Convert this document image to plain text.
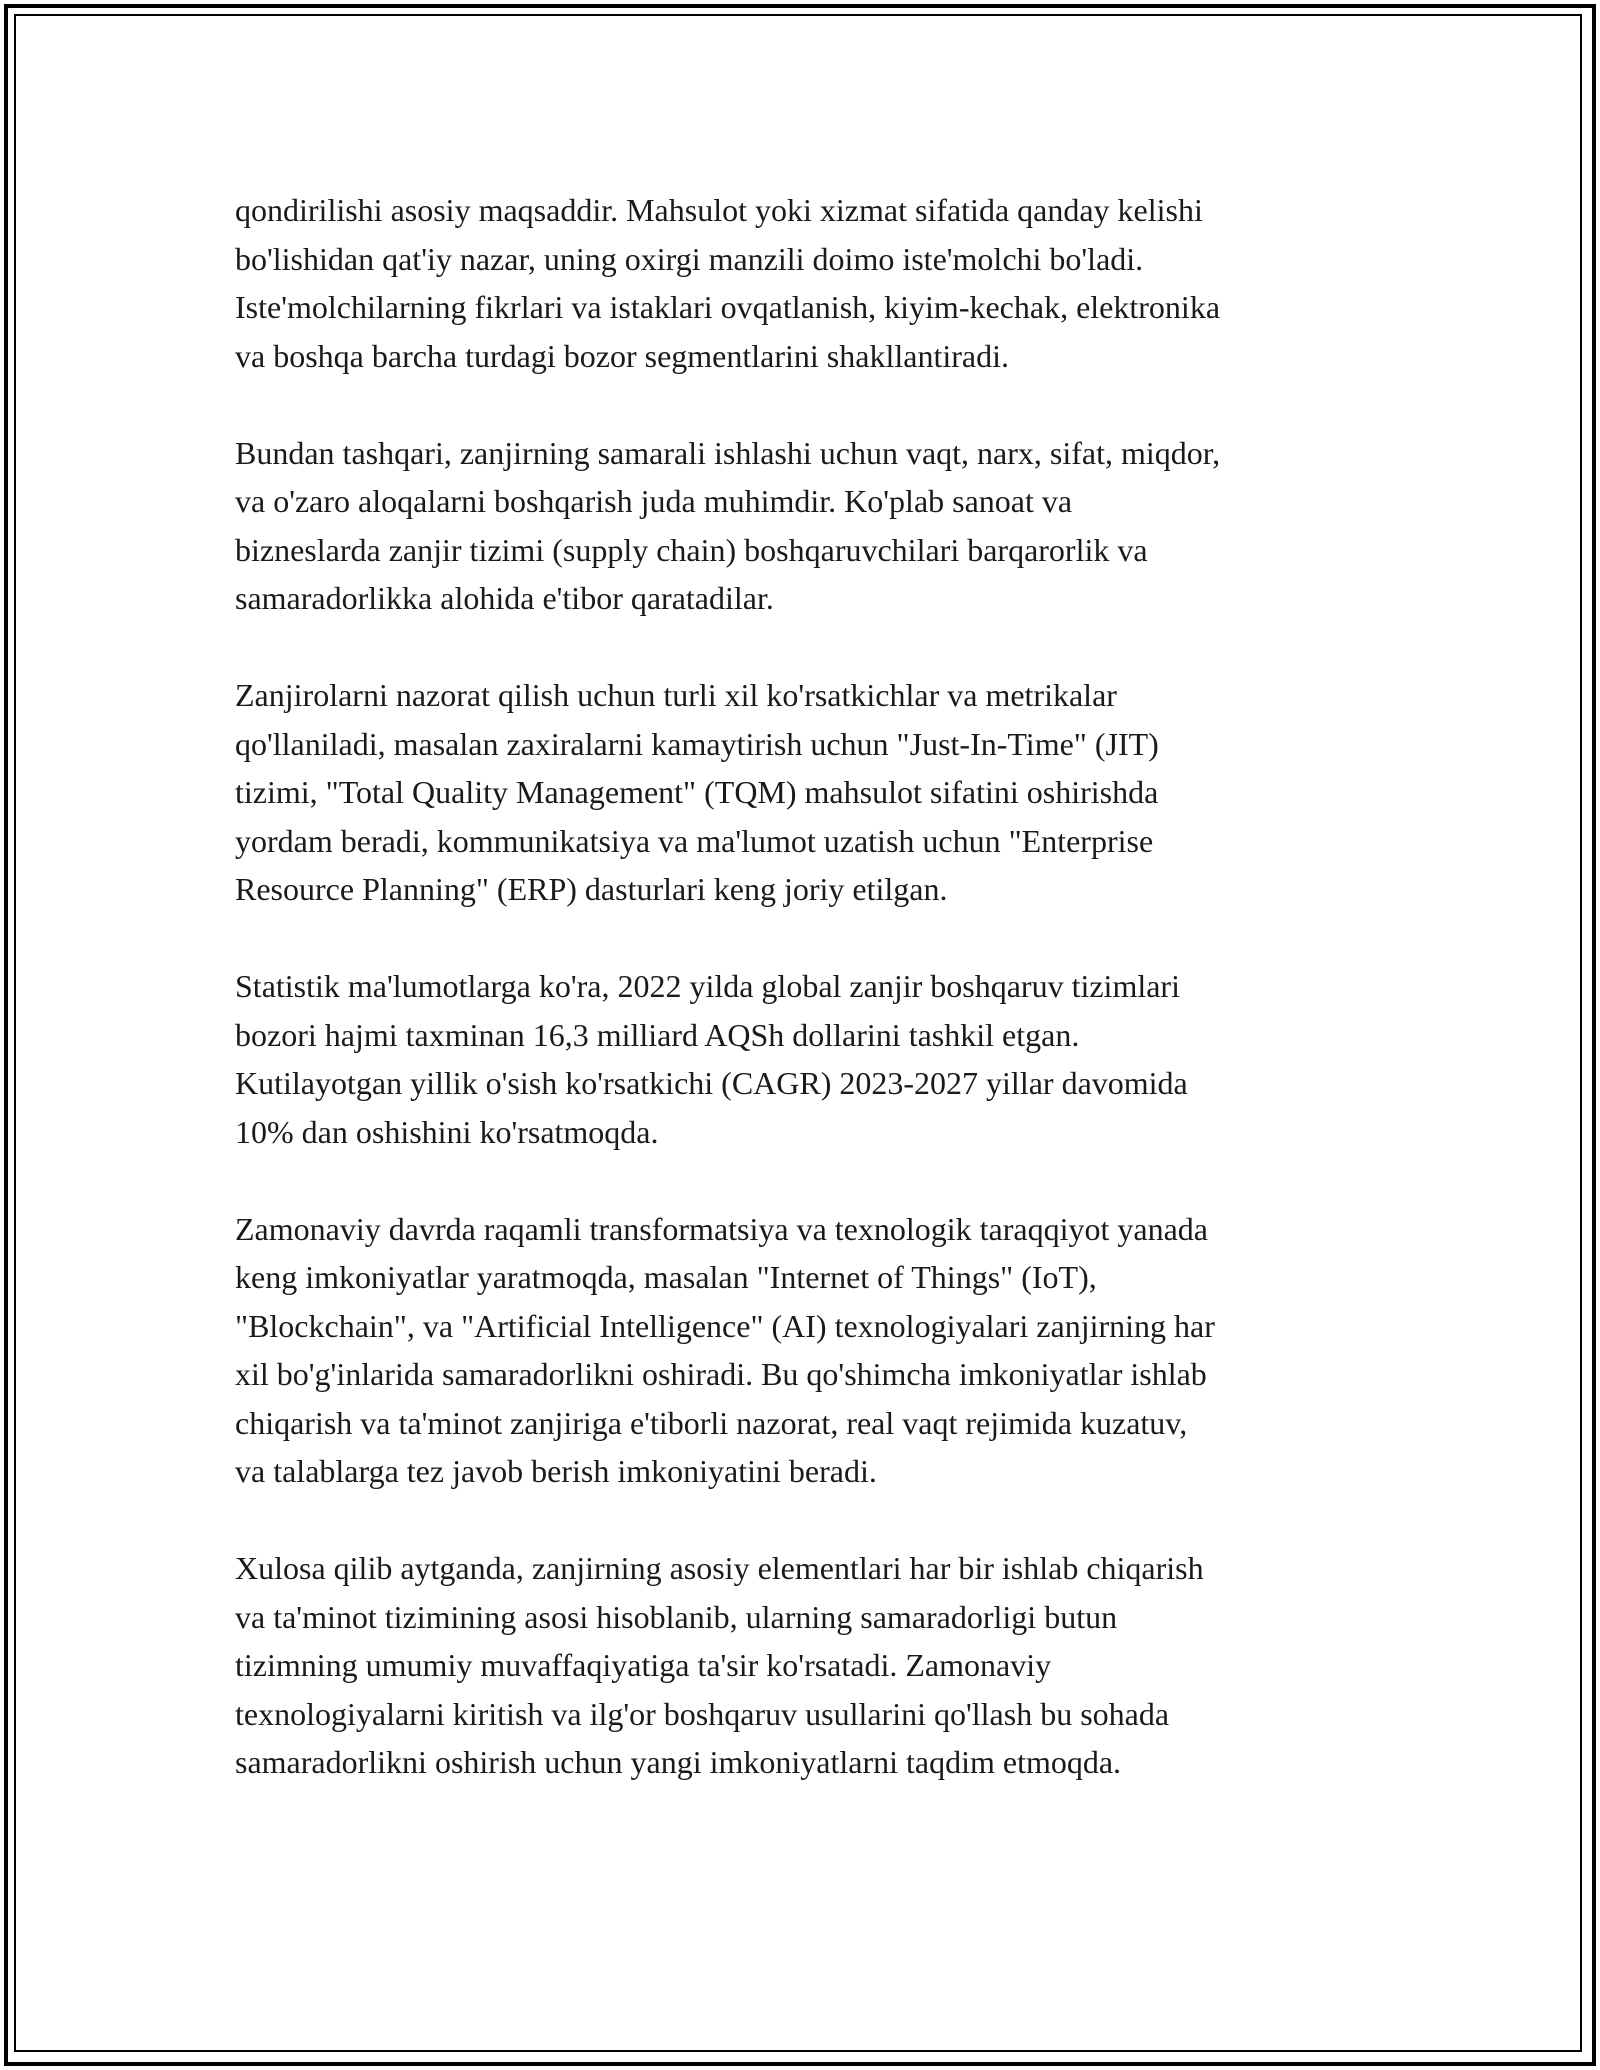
qondirilishi asosiy maqsaddir. Mahsulot yoki xizmat sifatida qanday kelishi
bo'lishidan qat'iy nazar, uning oxirgi manzili doimo iste'molchi bo'ladi.
Iste'molchilarning fikrlari va istaklari ovqatlanish, kiyim-kechak, elektronika
va boshqa barcha turdagi bozor segmentlarini shakllantiradi.

Bundan tashqari, zanjirning samarali ishlashi uchun vaqt, narx, sifat, miqdor,
va o'zaro aloqalarni boshqarish juda muhimdir. Ko'plab sanoat va
bizneslarda zanjir tizimi (supply chain) boshqaruvchilari barqarorlik va
samaradorlikka alohida e'tibor qaratadilar.

Zanjirolarni nazorat qilish uchun turli xil ko'rsatkichlar va metrikalar
qo'llaniladi, masalan zaxiralarni kamaytirish uchun "Just-In-Time" (JIT)
tizimi, "Total Quality Management" (TQM) mahsulot sifatini oshirishda
yordam beradi, kommunikatsiya va ma'lumot uzatish uchun "Enterprise
Resource Planning" (ERP) dasturlari keng joriy etilgan.

Statistik ma'lumotlarga ko'ra, 2022 yilda global zanjir boshqaruv tizimlari
bozori hajmi taxminan 16,3 milliard AQSh dollarini tashkil etgan.
Kutilayotgan yillik o'sish ko'rsatkichi (CAGR) 2023-2027 yillar davomida
10% dan oshishini ko'rsatmoqda.

Zamonaviy davrda raqamli transformatsiya va texnologik taraqqiyot yanada
keng imkoniyatlar yaratmoqda, masalan "Internet of Things" (IoT),
"Blockchain", va "Artificial Intelligence" (AI) texnologiyalari zanjirning har
xil bo'g'inlarida samaradorlikni oshiradi. Bu qo'shimcha imkoniyatlar ishlab
chiqarish va ta'minot zanjiriga e'tiborli nazorat, real vaqt rejimida kuzatuv,
va talablarga tez javob berish imkoniyatini beradi.

Xulosa qilib aytganda, zanjirning asosiy elementlari har bir ishlab chiqarish
va ta'minot tizimining asosi hisoblanib, ularning samaradorligi butun
tizimning umumiy muvaffaqiyatiga ta'sir ko'rsatadi. Zamonaviy
texnologiyalarni kiritish va ilg'or boshqaruv usullarini qo'llash bu sohada
samaradorlikni oshirish uchun yangi imkoniyatlarni taqdim etmoqda.
